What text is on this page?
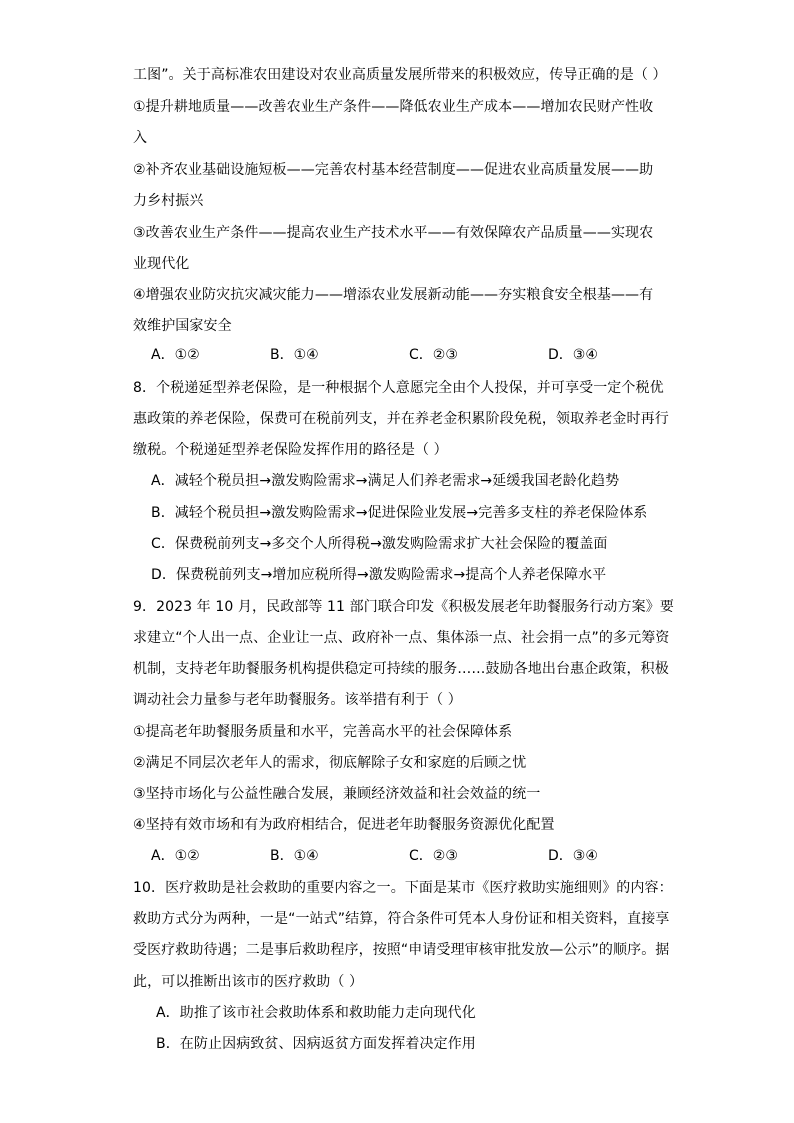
工图”。关于高标准农田建设对农业高质量发展所带来的积极效应，传导正确的是（ ）
①提升耕地质量——改善农业生产条件——降低农业生产成本——增加农民财产性收
入
②补齐农业基础设施短板——完善农村基本经营制度——促进农业高质量发展——助
力乡村振兴
③改善农业生产条件——提高农业生产技术水平——有效保障农产品质量——实现农
业现代化
④增强农业防灾抗灾减灾能力——增添农业发展新动能——夯实粮食安全根基——有
效维护国家安全
A．①②	B．①④	C．②③	D．③④
8．个税递延型养老保险，是一种根据个人意愿完全由个人投保，并可享受一定个税优
惠政策的养老保险，保费可在税前列支，并在养老金积累阶段免税，领取养老金时再行
缴税。个税递延型养老保险发挥作用的路径是（ ）
A．减轻个税员担→激发购险需求→满足人们养老需求→延缓我国老龄化趋势
B．减轻个税员担→激发购险需求→促进保险业发展→完善多支柱的养老保险体系
C．保费税前列支→多交个人所得税→激发购险需求扩大社会保险的覆盖面
D．保费税前列支→增加应税所得→激发购险需求→提高个人养老保障水平
9．2023 年 10 月，民政部等 11 部门联合印发《积极发展老年助餐服务行动方案》要
求建立“个人出一点、企业让一点、政府补一点、集体添一点、社会捐一点”的多元筹资
机制，支持老年助餐服务机构提供稳定可持续的服务……鼓励各地出台惠企政策，积极
调动社会力量参与老年助餐服务。该举措有利于（ ）
①提高老年助餐服务质量和水平，完善高水平的社会保障体系
②满足不同层次老年人的需求，彻底解除子女和家庭的后顾之忧
③坚持市场化与公益性融合发展，兼顾经济效益和社会效益的统一
④坚持有效市场和有为政府相结合，促进老年助餐服务资源优化配置
A．①②	B．①④	C．②③	D．③④
10．医疗救助是社会救助的重要内容之一。下面是某市《医疗救助实施细则》的内容：
救助方式分为两种，一是“一站式”结算，符合条件可凭本人身份证和相关资料，直接享
受医疗救助待遇；二是事后救助程序，按照“申请受理审核审批发放—公示”的顺序。据
此，可以推断出该市的医疗救助（ ）
A．助推了该市社会救助体系和救助能力走向现代化
B．在防止因病致贫、因病返贫方面发挥着决定作用
